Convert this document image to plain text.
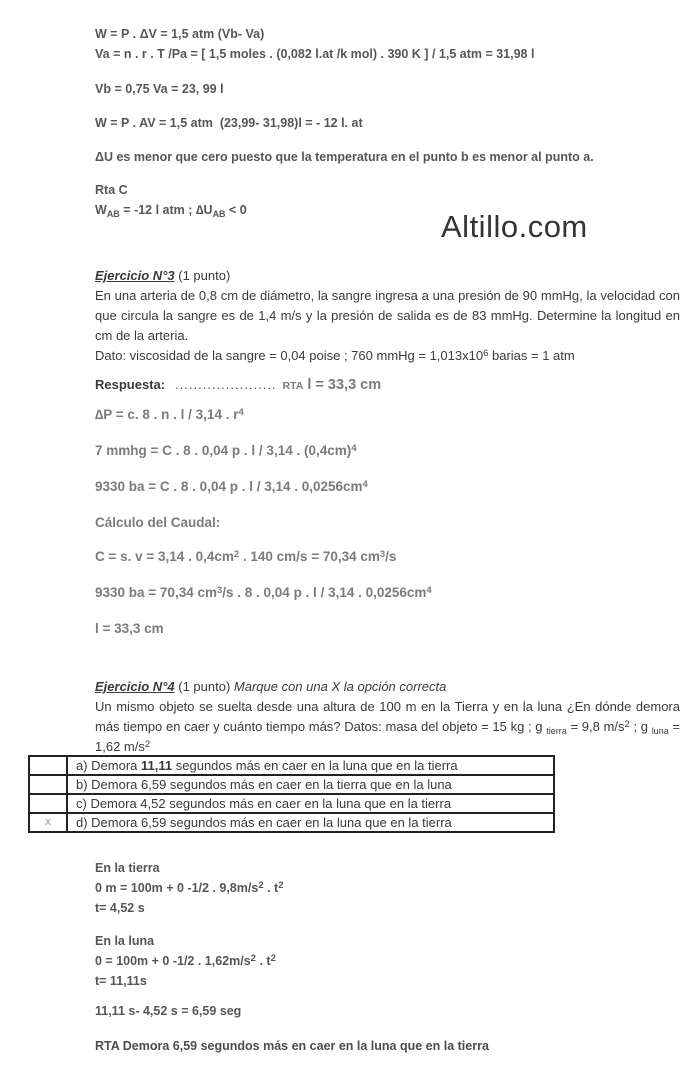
W = P . ΔV = 1,5 atm (Vb- Va)
Va = n . r . T /Pa = [ 1,5 moles . (0,082 l.at /k mol) . 390 K ] / 1,5 atm = 31,98 l
Vb = 0,75 Va = 23, 99 l
W = P . AV = 1,5 atm  (23,99- 31,98)l = - 12 l. at
ΔU es menor que cero puesto que la temperatura en el punto b es menor al punto a.
Rta C
$W_{AB} = -12$ l atm ; $\Delta U_{AB} < 0$	Altillo.com
Ejercicio N°3 (1 punto)

En una arteria de 0,8 cm de diámetro, la sangre ingresa a una presión de 90 mmHg, la velocidad con que circula la sangre es de 1,4 m/s y la presión de salida es de 83 mmHg. Determine la longitud en cm de la arteria.

Dato: viscosidad de la sangre = 0,04 poise ; 760 mmHg = $1,013x10^6$ barias = 1 atm
Respuesta: ...................... RTA l = 33,3 cm
∆P = c. 8 . n . l / 3,14 . $r^4$
7 mmhg = C . 8 . 0,04 p . l / 3,14 . $(0,4cm)^4$
9330 ba = C . 8 . 0,04 p . l / 3,14 . $0,0256cm^4$
Cálculo del Caudal:
C = s. v = 3,14 . $0,4cm^2$ . 140 cm/s = 70,34 $cm^3/s$
9330 ba = 70,34 $cm^3/s$ . 8 . 0,04 p . l / 3,14 . $0,0256cm^4$
l = 33,3 cm
Ejercicio N°4 (1 punto) Marque con una X la opción correcta

Un mismo objeto se suelta desde una altura de 100 m en la Tierra y en la luna ¿En dónde demora más tiempo en caer y cuánto tiempo más? Datos: masa del objeto = 15 kg ; g $_{tierra}$ = 9,8 $m/s^2$ ; g $_{luna}$ = 1,62 $m/s^2$

	a) Demora 11,11 segundos más en caer en la luna que en la tierra
	b) Demora 6,59 segundos más en caer en la tierra que en la luna
	c) Demora 4,52 segundos más en caer en la luna que en la tierra
x	d) Demora 6,59 segundos más en caer en la luna que en la tierra
En la tierra
0 m = 100m + 0 -1/2 . $9,8m/s^2$ . $t^2$
t= 4,52 s
En la luna
0 = 100m + 0 -1/2 . $1,62m/s^2$ . $t^2$
t= 11,11s
11,11 s- 4,52 s = 6,59 seg
RTA Demora 6,59 segundos más en caer en la luna que en la tierra
